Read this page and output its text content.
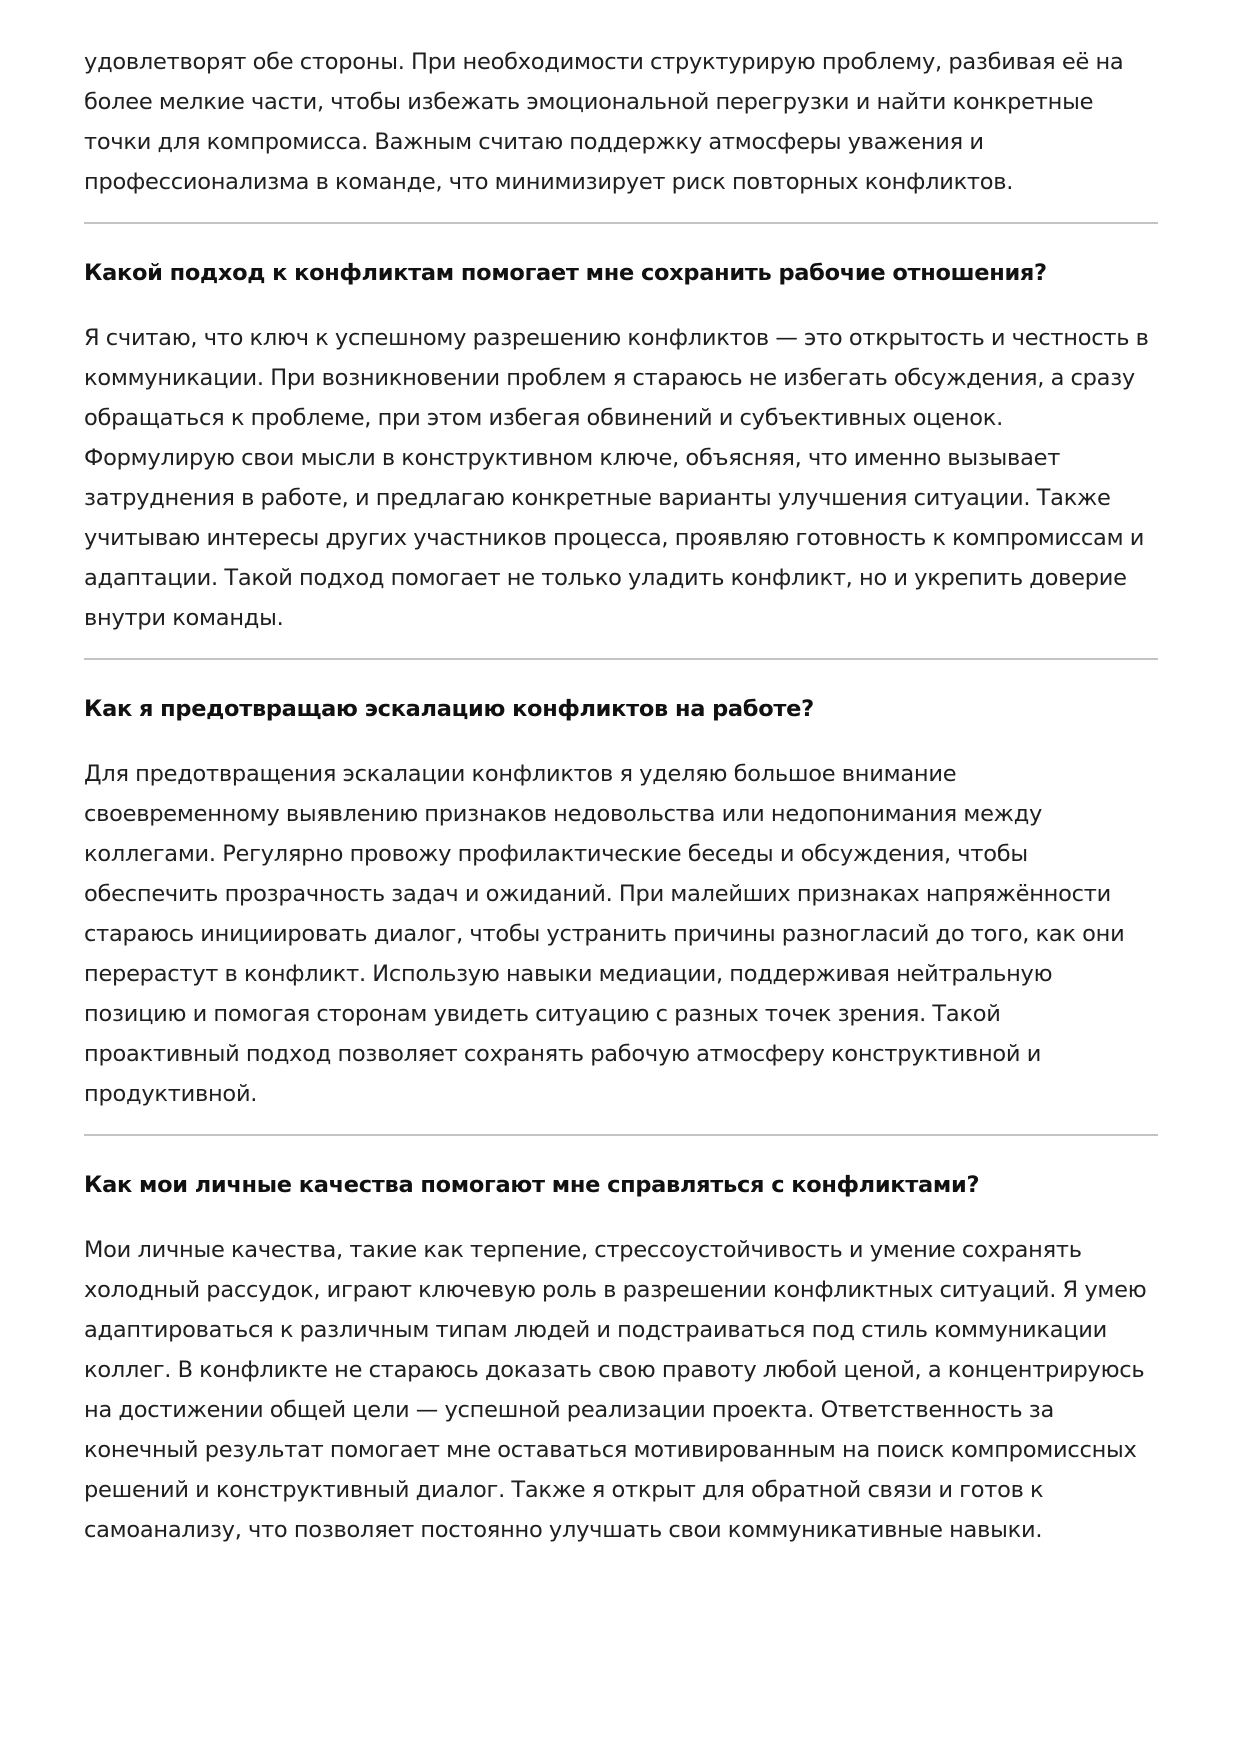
удовлетворят обе стороны. При необходимости структурирую проблему, разбивая её на более мелкие части, чтобы избежать эмоциональной перегрузки и найти конкретные точки для компромисса. Важным считаю поддержку атмосферы уважения и профессионализма в команде, что минимизирует риск повторных конфликтов.

Какой подход к конфликтам помогает мне сохранить рабочие отношения?

Я считаю, что ключ к успешному разрешению конфликтов — это открытость и честность в коммуникации. При возникновении проблем я стараюсь не избегать обсуждения, а сразу обращаться к проблеме, при этом избегая обвинений и субъективных оценок. Формулирую свои мысли в конструктивном ключе, объясняя, что именно вызывает затруднения в работе, и предлагаю конкретные варианты улучшения ситуации. Также учитываю интересы других участников процесса, проявляю готовность к компромиссам и адаптации. Такой подход помогает не только уладить конфликт, но и укрепить доверие внутри команды.

Как я предотвращаю эскалацию конфликтов на работе?

Для предотвращения эскалации конфликтов я уделяю большое внимание своевременному выявлению признаков недовольства или недопонимания между коллегами. Регулярно провожу профилактические беседы и обсуждения, чтобы обеспечить прозрачность задач и ожиданий. При малейших признаках напряжённости стараюсь инициировать диалог, чтобы устранить причины разногласий до того, как они перерастут в конфликт. Использую навыки медиации, поддерживая нейтральную позицию и помогая сторонам увидеть ситуацию с разных точек зрения. Такой проактивный подход позволяет сохранять рабочую атмосферу конструктивной и продуктивной.

Как мои личные качества помогают мне справляться с конфликтами?

Мои личные качества, такие как терпение, стрессоустойчивость и умение сохранять холодный рассудок, играют ключевую роль в разрешении конфликтных ситуаций. Я умею адаптироваться к различным типам людей и подстраиваться под стиль коммуникации коллег. В конфликте не стараюсь доказать свою правоту любой ценой, а концентрируюсь на достижении общей цели — успешной реализации проекта. Ответственность за конечный результат помогает мне оставаться мотивированным на поиск компромиссных решений и конструктивный диалог. Также я открыт для обратной связи и готов к самоанализу, что позволяет постоянно улучшать свои коммуникативные навыки.
